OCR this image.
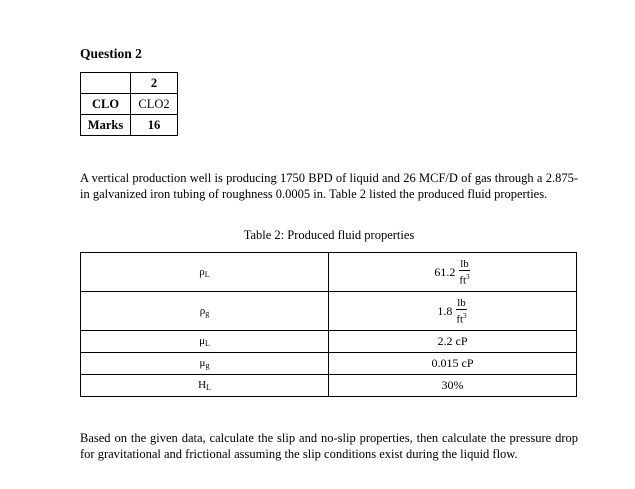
Question 2
	2
CLO	CLO2
Marks	16

A vertical production well is producing 1750 BPD of liquid and 26 MCF/D of gas through a 2.875-in galvanized iron tubing of roughness 0.0005 in. Table 2 listed the produced fluid properties.

Table 2: Produced fluid properties
$\rho_L$	$61.2 \frac{lb}{ft^3}$

$\rho_g$	$1.8 \frac{lb}{ft^3}$

$\mu_L$	2.2 cP
$\mu_g$	0.015 cP
$H_L$	30%

Based on the given data, calculate the slip and no-slip properties, then calculate the pressure drop for gravitational and frictional assuming the slip conditions exist during the liquid flow.
